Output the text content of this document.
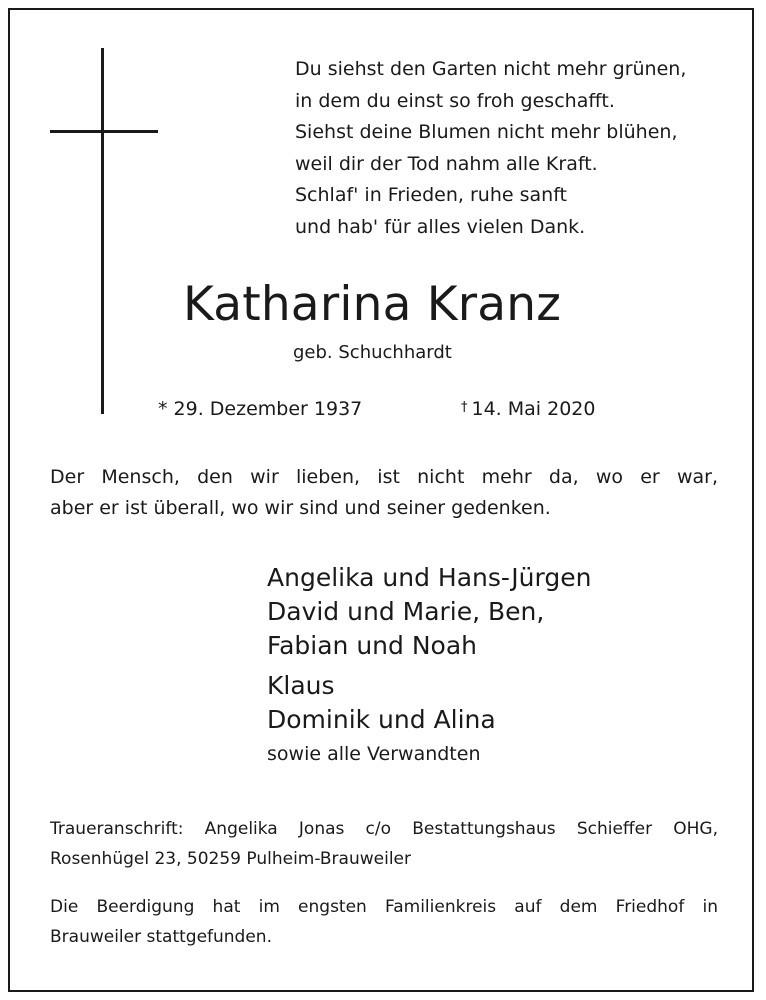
Du siehst den Garten nicht mehr grünen,
in dem du einst so froh geschafft.
Siehst deine Blumen nicht mehr blühen,
weil dir der Tod nahm alle Kraft.
Schlaf' in Frieden, ruhe sanft
und hab' für alles vielen Dank.
Katharina Kranz
geb. Schuchhardt
* 29. Dezember 1937	† 14. Mai 2020
Der Mensch, den wir lieben, ist nicht mehr da, wo er war,
aber er ist überall, wo wir sind und seiner gedenken.
Angelika und Hans-Jürgen
David und Marie, Ben,
Fabian und Noah
Klaus
Dominik und Alina
sowie alle Verwandten
Traueranschrift: Angelika Jonas c/o Bestattungshaus Schieffer OHG,
Rosenhügel 23, 50259 Pulheim-Brauweiler
Die Beerdigung hat im engsten Familienkreis auf dem Friedhof in
Brauweiler stattgefunden.
